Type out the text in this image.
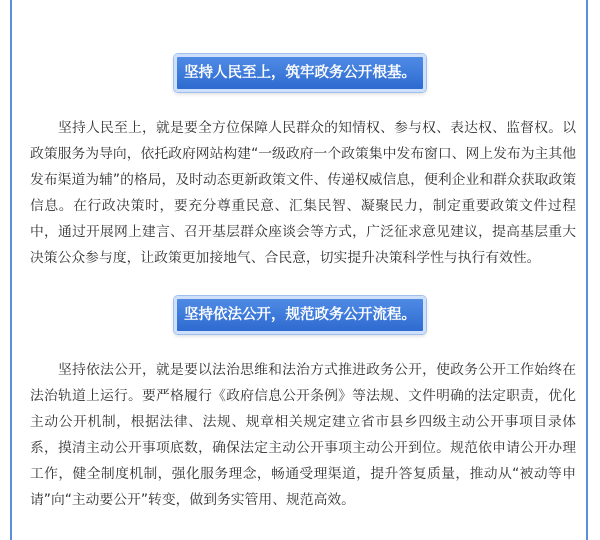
坚持人民至上，筑牢政务公开根基。

坚持人民至上，就是要全方位保障人民群众的知情权、参与权、表达权、监督权。以政策服务为导向，依托政府网站构建“一级政府一个政策集中发布窗口、网上发布为主其他发布渠道为辅”的格局，及时动态更新政策文件、传递权威信息，便利企业和群众获取政策信息。在行政决策时，要充分尊重民意、汇集民智、凝聚民力，制定重要政策文件过程中，通过开展网上建言、召开基层群众座谈会等方式，广泛征求意见建议，提高基层重大决策公众参与度，让政策更加接地气、合民意，切实提升决策科学性与执行有效性。

坚持依法公开，规范政务公开流程。

坚持依法公开，就是要以法治思维和法治方式推进政务公开，使政务公开工作始终在法治轨道上运行。要严格履行《政府信息公开条例》等法规、文件明确的法定职责，优化主动公开机制，根据法律、法规、规章相关规定建立省市县乡四级主动公开事项目录体系，摸清主动公开事项底数，确保法定主动公开事项主动公开到位。规范依申请公开办理工作，健全制度机制，强化服务理念，畅通受理渠道，提升答复质量，推动从“被动等申请”向“主动要公开”转变，做到务实管用、规范高效。
